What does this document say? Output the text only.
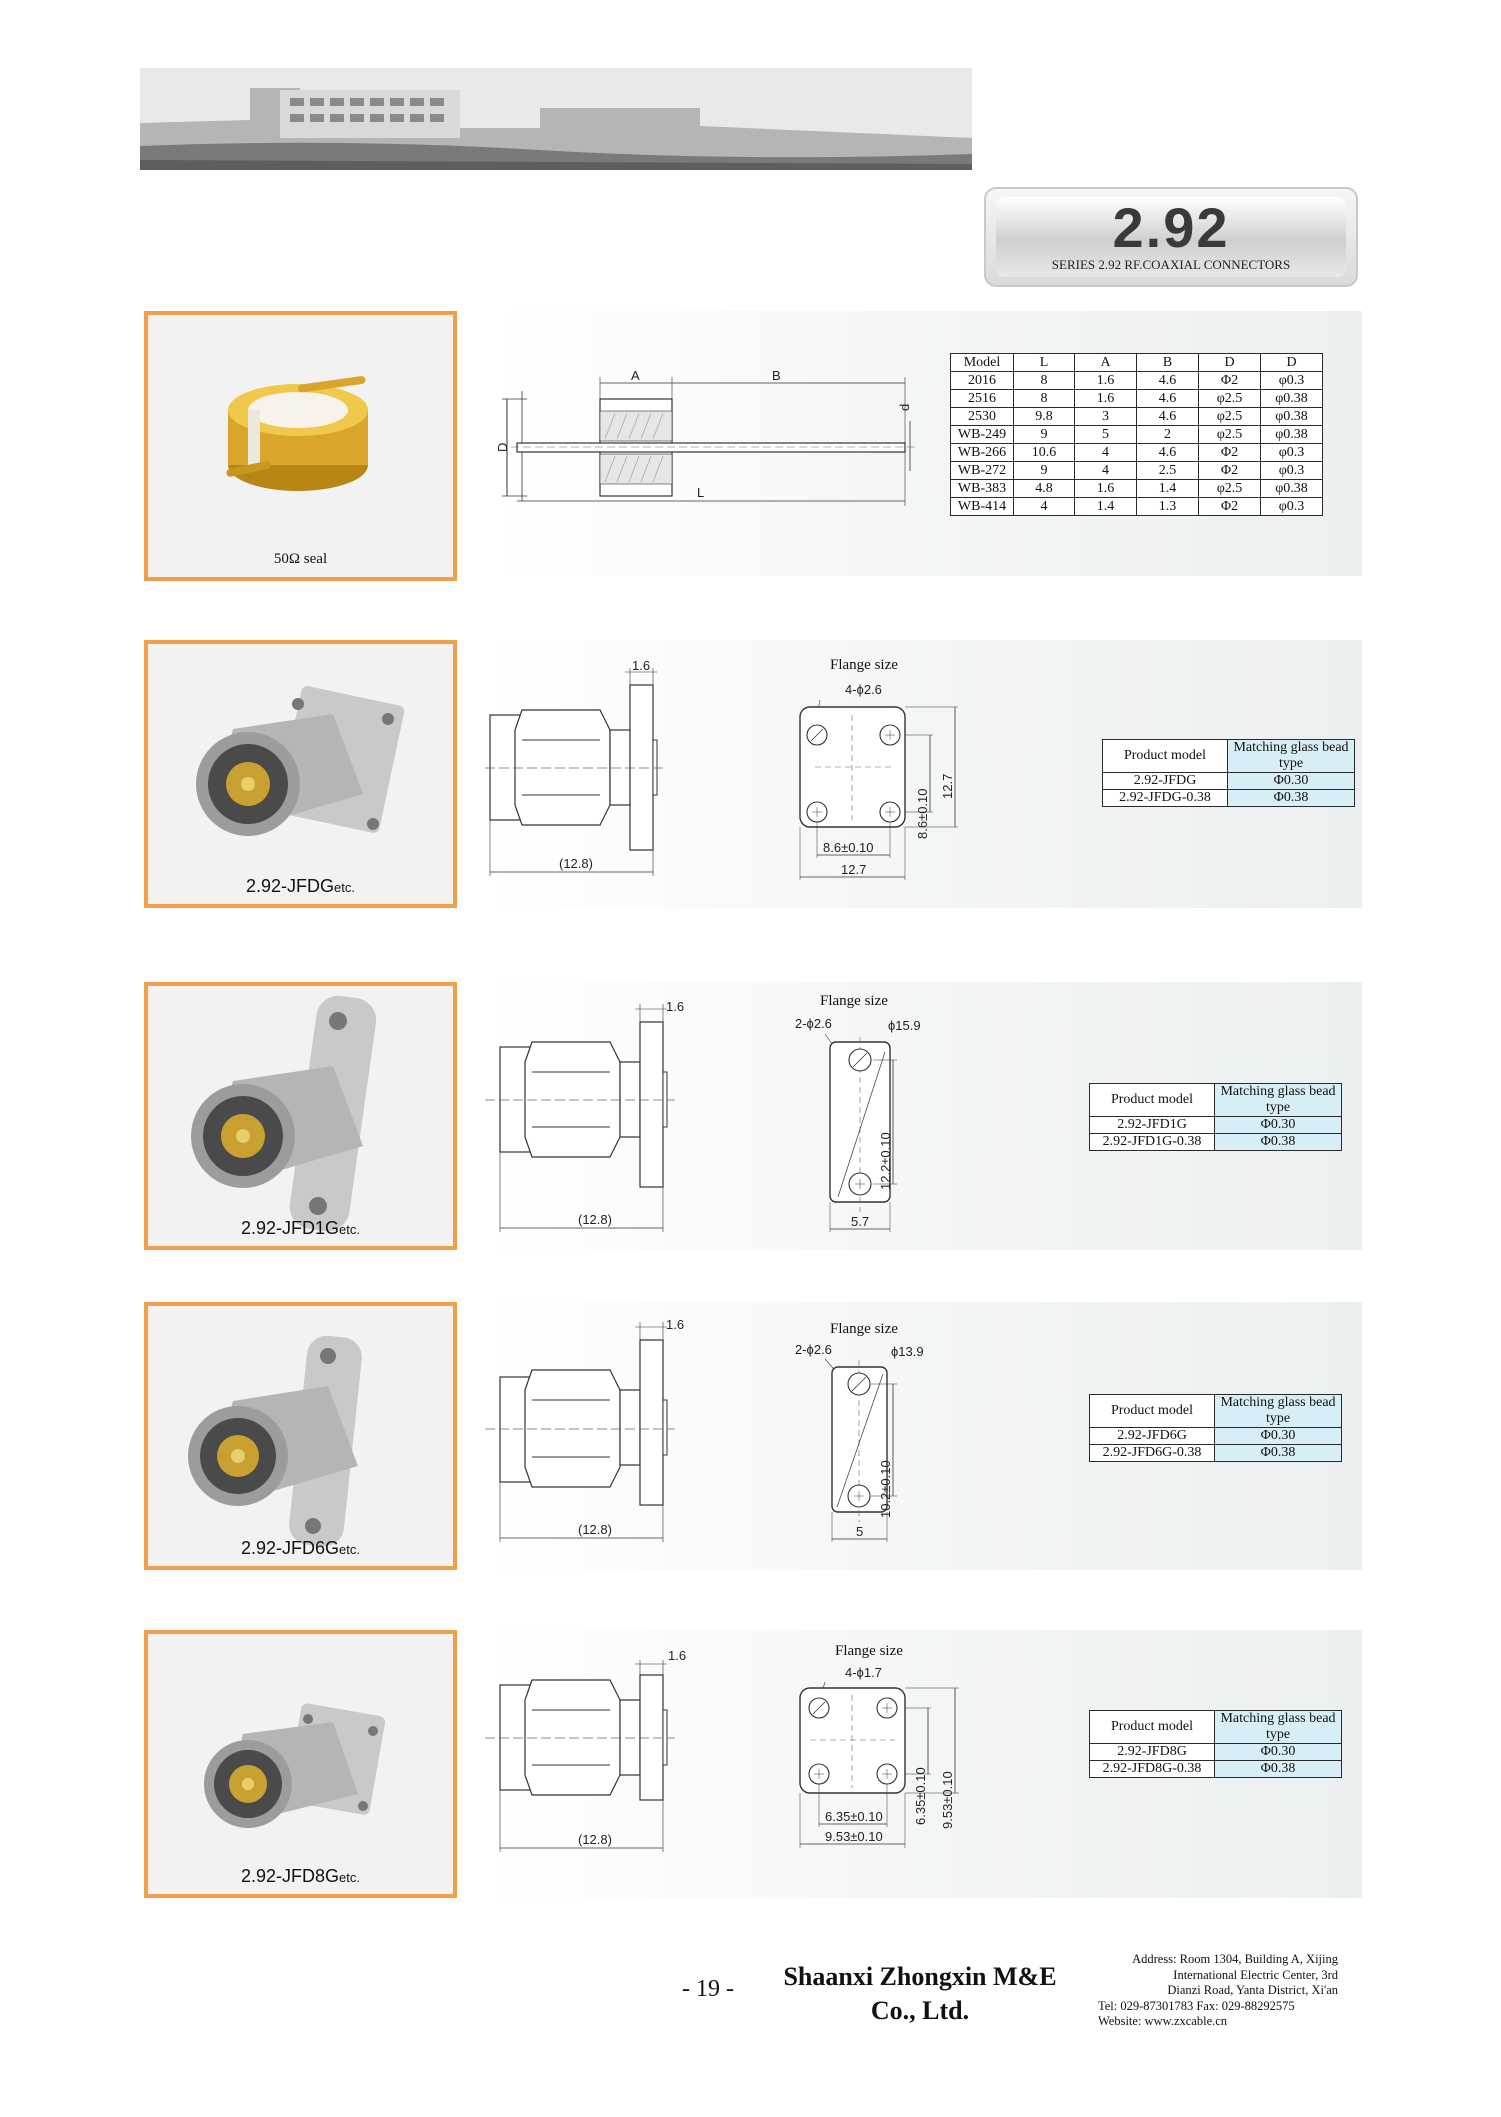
2.92
SERIES 2.92 RF.COAXIAL CONNECTORS
50Ω seal
D
A	B
L
d
Model	L	A	B	D	D
2016	8	1.6	4.6	Φ2	φ0.3
2516	8	1.6	4.6	φ2.5	φ0.38
2530	9.8	3	4.6	φ2.5	φ0.38
WB-249	9	5	2	φ2.5	φ0.38
WB-266	10.6	4	4.6	Φ2	φ0.3
WB-272	9	4	2.5	Φ2	φ0.3
WB-383	4.8	1.6	1.4	φ2.5	φ0.38
WB-414	4	1.4	1.3	Φ2	φ0.3
2.92-JFDGetc.
1.6
(12.8)
Flange size
4-ϕ2.6
8.6±0.10
12.7
8.6±0.10
12.7
Product model	Matching glass bead type
2.92-JFDG	Φ0.30
2.92-JFDG-0.38	Φ0.38
2.92-JFD1Getc.
1.6
(12.8)
Flange size
2-ϕ2.6	ϕ15.9
12.2±0.10
5.7
Product model	Matching glass bead type
2.92-JFD1G	Φ0.30
2.92-JFD1G-0.38	Φ0.38
2.92-JFD6Getc.
1.6
(12.8)
Flange size
2-ϕ2.6	ϕ13.9
10.2±0.10
5
Product model	Matching glass bead type
2.92-JFD6G	Φ0.30
2.92-JFD6G-0.38	Φ0.38
2.92-JFD8Getc.
1.6
(12.8)
Flange size
4-ϕ1.7
6.35±0.10 9.53±0.10
6.35±0.10
9.53±0.10
Product model	Matching glass bead type
2.92-JFD8G	Φ0.30
2.92-JFD8G-0.38	Φ0.38
- 19 -	Shaanxi Zhongxin M&E
Co., Ltd.
Address: Room 1304, Building A, Xijing
International Electric Center, 3rd
Dianzi Road, Yanta District, Xi'an
Tel: 029-87301783 Fax: 029-88292575
Website: www.zxcable.cn
